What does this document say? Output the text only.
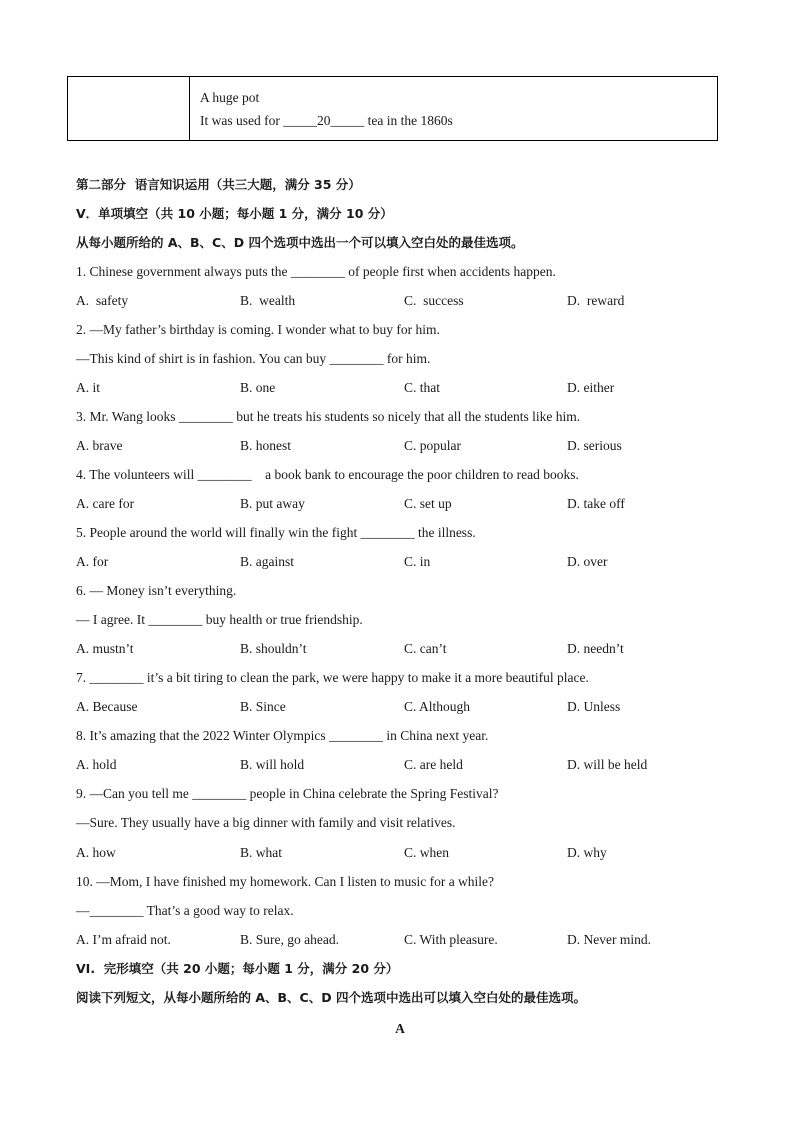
A huge pot
It was used for _____20_____ tea in the 1860s
第二部分  语言知识运用（共三大题，满分 35 分）
Ⅴ．单项填空（共 10 小题；每小题 1 分，满分 10 分）
从每小题所给的 A、B、C、D 四个选项中选出一个可以填入空白处的最佳选项。
1. Chinese government always puts the ________ of people first when accidents happen.
A.  safety	B.  wealth	C.  success	D.  reward
2. —My father’s birthday is coming. I wonder what to buy for him.
—This kind of shirt is in fashion. You can buy ________ for him.
A. it	B. one	C. that	D. either
3. Mr. Wang looks ________ but he treats his students so nicely that all the students like him.
A. brave	B. honest	C. popular	D. serious
4. The volunteers will ________    a book bank to encourage the poor children to read books.
A. care for	B. put away	C. set up	D. take off
5. People around the world will finally win the fight ________ the illness.
A. for	B. against	C. in	D. over
6. — Money isn’t everything.
— I agree. It ________ buy health or true friendship.
A. mustn’t	B. shouldn’t	C. can’t	D. needn’t
7. ________ it’s a bit tiring to clean the park, we were happy to make it a more beautiful place.
A. Because	B. Since	C. Although	D. Unless
8. It’s amazing that the 2022 Winter Olympics ________ in China next year.
A. hold	B. will hold	C. are held	D. will be held
9. —Can you tell me ________ people in China celebrate the Spring Festival?
—Sure. They usually have a big dinner with family and visit relatives.
A. how	B. what	C. when	D. why
10. —Mom, I have finished my homework. Can I listen to music for a while?
—________ That’s a good way to relax.
A. I’m afraid not.	B. Sure, go ahead.	C. With pleasure.	D. Never mind.
VI.  完形填空（共 20 小题；每小题 1 分，满分 20 分）
阅读下列短文，从每小题所给的 A、B、C、D 四个选项中选出可以填入空白处的最佳选项。
A
